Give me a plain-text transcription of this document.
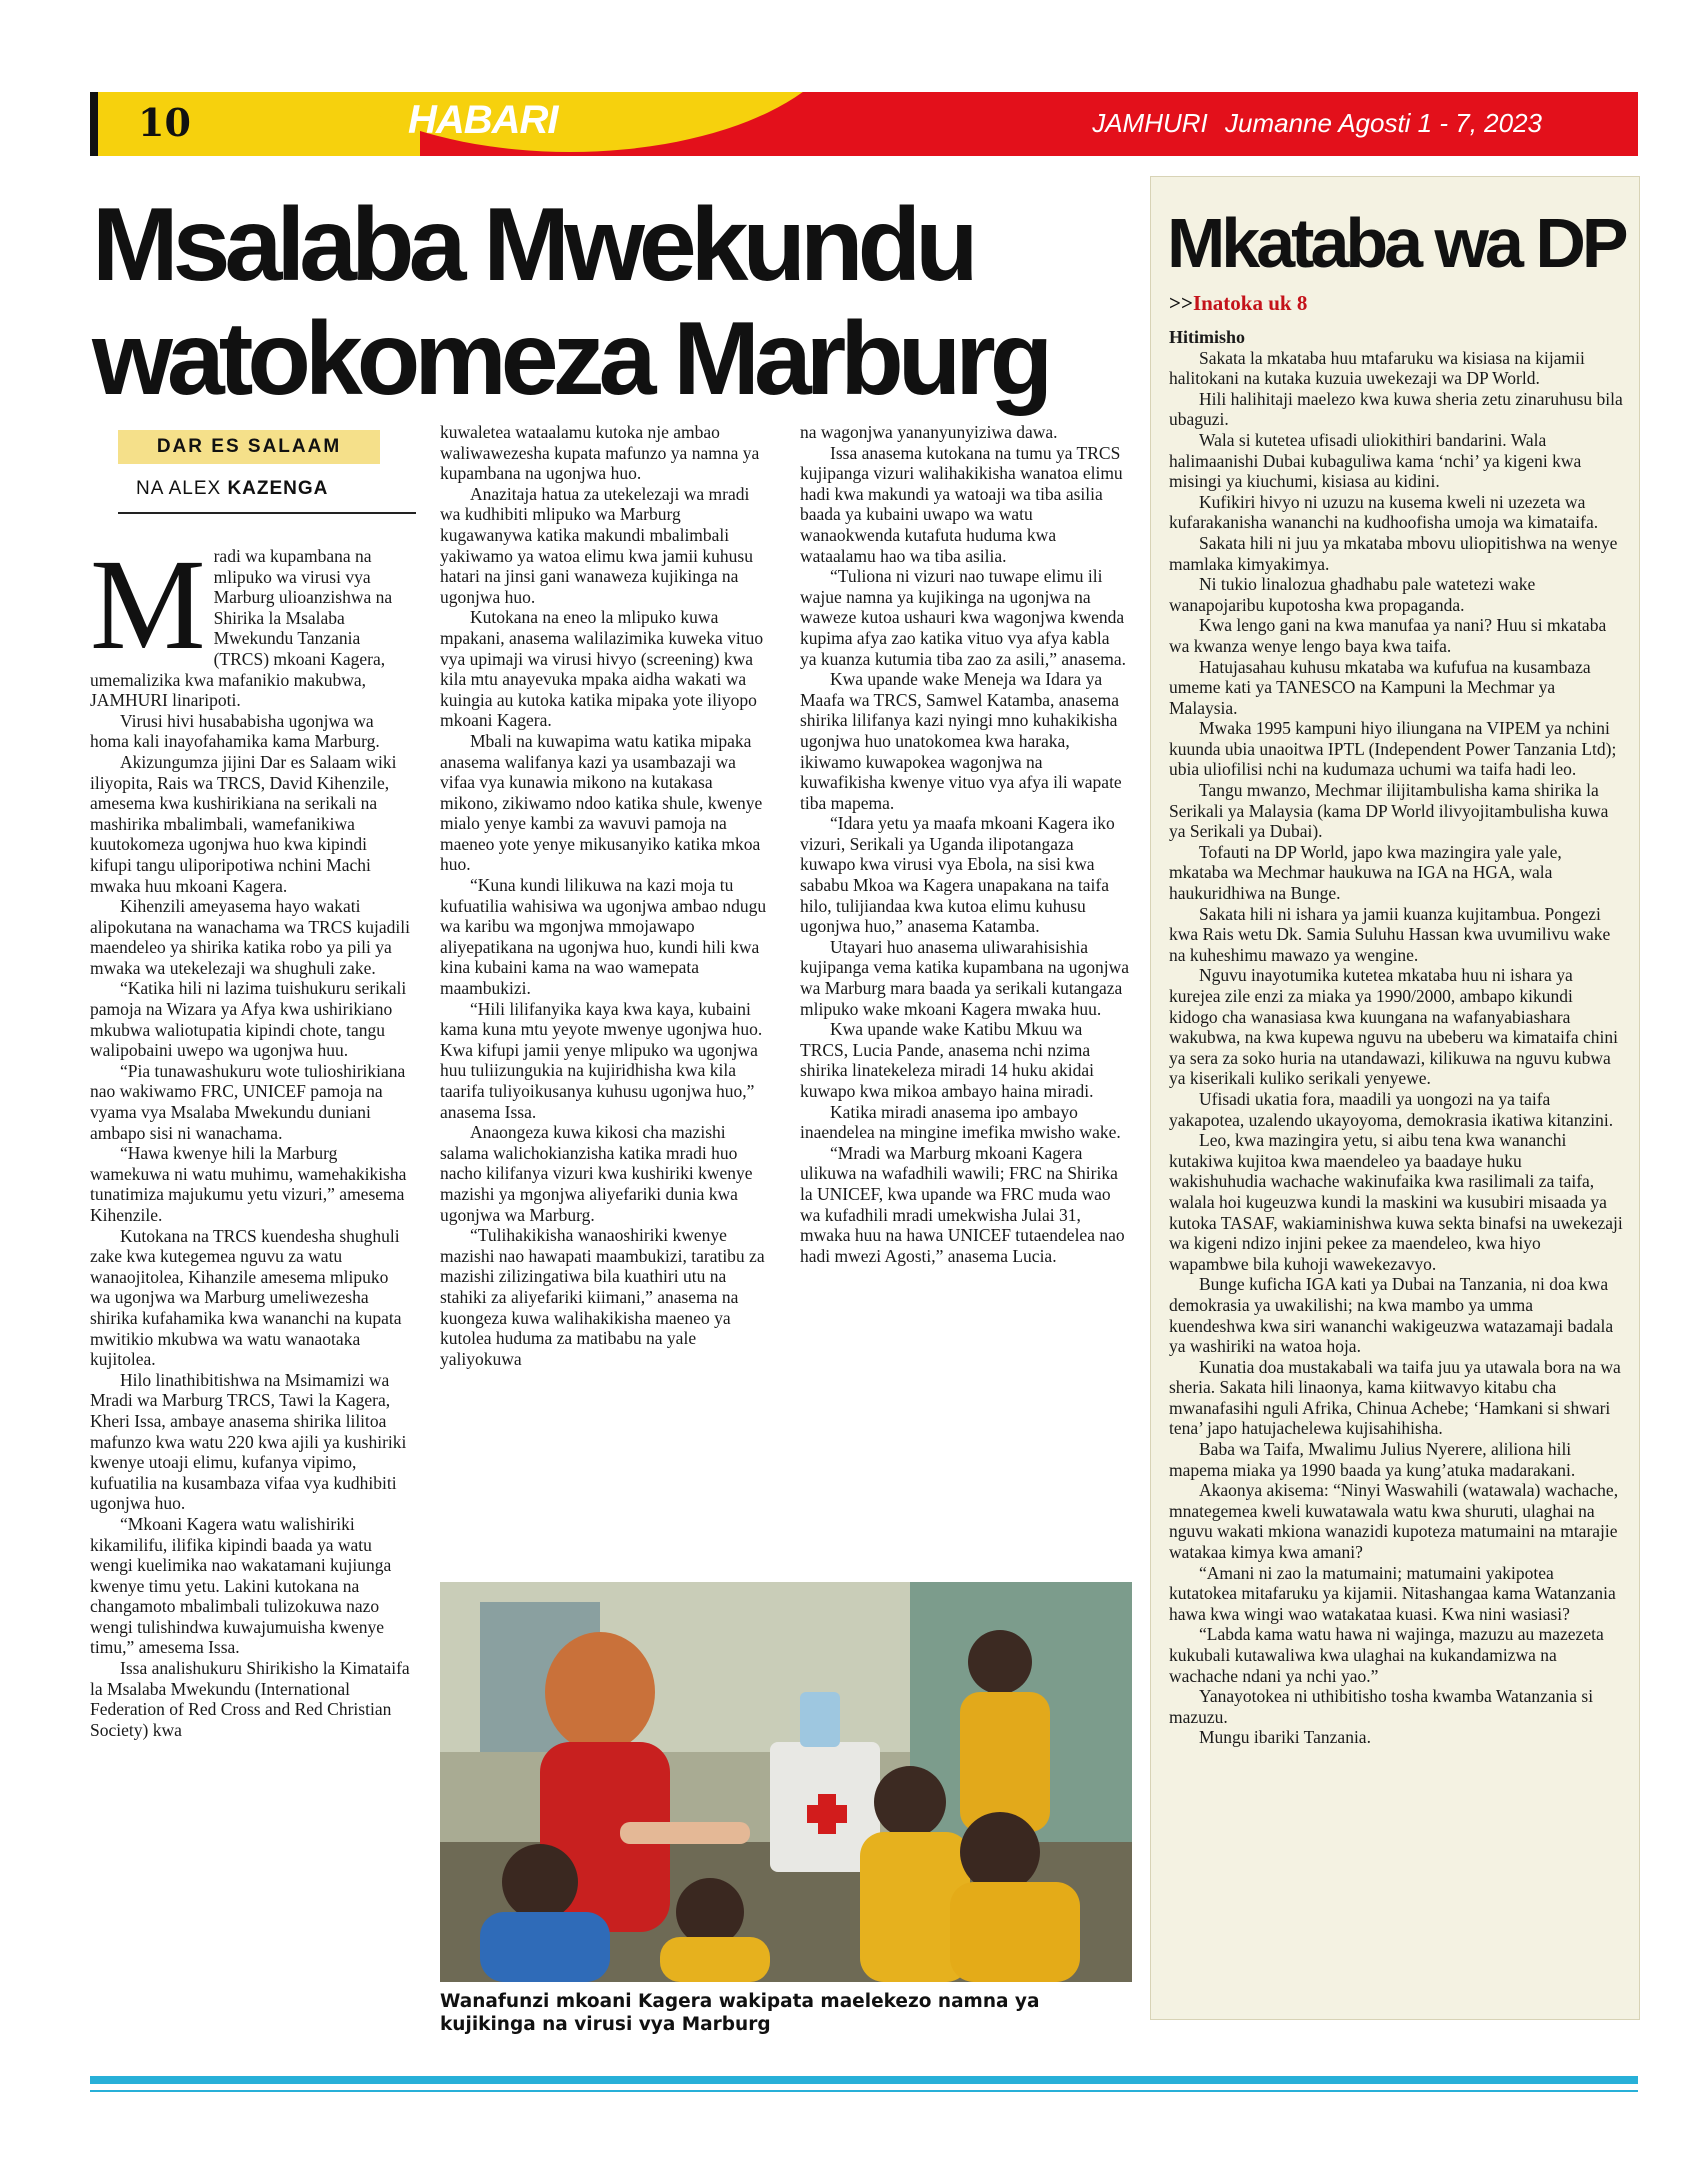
10	HABARI	JAMHURI Jumanne Agosti 1 - 7, 2023
Msalaba Mwekundu
watokomeza Marburg
DAR ES SALAAM
NA ALEX KAZENGA
M radi wa kupambana na mlipuko wa virusi vya Marburg ulioanzishwa na Shirika la Msalaba Mwekundu Tanzania (TRCS) mkoani Kagera, umemalizika kwa mafanikio makubwa, JAMHURI linaripoti.

Virusi hivi husababisha ugonjwa wa homa kali inayofahamika kama Marburg.

Akizungumza jijini Dar es Salaam wiki iliyopita, Rais wa TRCS, David Kihenzile, amesema kwa kushirikiana na serikali na mashirika mbalimbali, wamefanikiwa kuutokomeza ugonjwa huo kwa kipindi kifupi tangu uliporipotiwa nchini Machi mwaka huu mkoani Kagera.

Kihenzili ameyasema hayo wakati alipokutana na wanachama wa TRCS kujadili maendeleo ya shirika katika robo ya pili ya mwaka wa utekelezaji wa shughuli zake.

“Katika hili ni lazima tuishukuru serikali pamoja na Wizara ya Afya kwa ushirikiano mkubwa waliotupatia kipindi chote, tangu walipobaini uwepo wa ugonjwa huu.

“Pia tunawashukuru wote tulioshirikiana nao wakiwamo FRC, UNICEF pamoja na vyama vya Msalaba Mwekundu duniani ambapo sisi ni wanachama.

“Hawa kwenye hili la Marburg wamekuwa ni watu muhimu, wamehakikisha tunatimiza majukumu yetu vizuri,” amesema Kihenzile.

Kutokana na TRCS kuendesha shughuli zake kwa kutegemea nguvu za watu wanaojitolea, Kihanzile amesema mlipuko wa ugonjwa wa Marburg umeliwezesha shirika kufahamika kwa wananchi na kupata mwitikio mkubwa wa watu wanaotaka kujitolea.

Hilo linathibitishwa na Msimamizi wa Mradi wa Marburg TRCS, Tawi la Kagera, Kheri Issa, ambaye anasema shirika lilitoa mafunzo kwa watu 220 kwa ajili ya kushiriki kwenye utoaji elimu, kufanya vipimo, kufuatilia na kusambaza vifaa vya kudhibiti ugonjwa huo.

“Mkoani Kagera watu walishiriki kikamilifu, ilifika kipindi baada ya watu wengi kuelimika nao wakatamani kujiunga kwenye timu yetu. Lakini kutokana na changamoto mbalimbali tulizokuwa nazo wengi tulishindwa kuwajumuisha kwenye timu,” amesema Issa.

Issa analishukuru Shirikisho la Kimataifa la Msalaba Mwekundu (International Federation of Red Cross and Red Christian Society) kwa

kuwaletea wataalamu kutoka nje ambao waliwawezesha kupata mafunzo ya namna ya kupambana na ugonjwa huo.

Anazitaja hatua za utekelezaji wa mradi wa kudhibiti mlipuko wa Marburg kugawanywa katika makundi mbalimbali yakiwamo ya watoa elimu kwa jamii kuhusu hatari na jinsi gani wanaweza kujikinga na ugonjwa huo.

Kutokana na eneo la mlipuko kuwa mpakani, anasema walilazimika kuweka vituo vya upimaji wa virusi hivyo (screening) kwa kila mtu anayevuka mpaka aidha wakati wa kuingia au kutoka katika mipaka yote iliyopo mkoani Kagera.

Mbali na kuwapima watu katika mipaka anasema walifanya kazi ya usambazaji wa vifaa vya kunawia mikono na kutakasa mikono, zikiwamo ndoo katika shule, kwenye mialo yenye kambi za wavuvi pamoja na maeneo yote yenye mikusanyiko katika mkoa huo.

“Kuna kundi lilikuwa na kazi moja tu kufuatilia wahisiwa wa ugonjwa ambao ndugu wa karibu wa mgonjwa mmojawapo aliyepatikana na ugonjwa huo, kundi hili kwa kina kubaini kama na wao wamepata maambukizi.

“Hili lilifanyika kaya kwa kaya, kubaini kama kuna mtu yeyote mwenye ugonjwa huo. Kwa kifupi jamii yenye mlipuko wa ugonjwa huu tuliizungukia na kujiridhisha kwa kila taarifa tuliyoikusanya kuhusu ugonjwa huo,” anasema Issa.

Anaongeza kuwa kikosi cha mazishi salama walichokianzisha katika mradi huo nacho kilifanya vizuri kwa kushiriki kwenye mazishi ya mgonjwa aliyefariki dunia kwa ugonjwa wa Marburg.

“Tulihakikisha wanaoshiriki kwenye mazishi nao hawapati maambukizi, taratibu za mazishi zilizingatiwa bila kuathiri utu na stahiki za aliyefariki kiimani,” anasema na kuongeza kuwa walihakikisha maeneo ya kutolea huduma za matibabu na yale yaliyokuwa

na wagonjwa yananyunyiziwa dawa.

Issa anasema kutokana na tumu ya TRCS kujipanga vizuri walihakikisha wanatoa elimu hadi kwa makundi ya watoaji wa tiba asilia baada ya kubaini uwapo wa watu wanaokwenda kutafuta huduma kwa wataalamu hao wa tiba asilia.

“Tuliona ni vizuri nao tuwape elimu ili wajue namna ya kujikinga na ugonjwa na waweze kutoa ushauri kwa wagonjwa kwenda kupima afya zao katika vituo vya afya kabla ya kuanza kutumia tiba zao za asili,” anasema.

Kwa upande wake Meneja wa Idara ya Maafa wa TRCS, Samwel Katamba, anasema shirika lilifanya kazi nyingi mno kuhakikisha ugonjwa huo unatokomea kwa haraka, ikiwamo kuwapokea wagonjwa na kuwafikisha kwenye vituo vya afya ili wapate tiba mapema.

“Idara yetu ya maafa mkoani Kagera iko vizuri, Serikali ya Uganda ilipotangaza kuwapo kwa virusi vya Ebola, na sisi kwa sababu Mkoa wa Kagera unapakana na taifa hilo, tulijiandaa kwa kutoa elimu kuhusu ugonjwa huo,” anasema Katamba.

Utayari huo anasema uliwarahisishia kujipanga vema katika kupambana na ugonjwa wa Marburg mara baada ya serikali kutangaza mlipuko wake mkoani Kagera mwaka huu.

Kwa upande wake Katibu Mkuu wa TRCS, Lucia Pande, anasema nchi nzima shirika linatekeleza miradi 14 huku akidai kuwapo kwa mikoa ambayo haina miradi.

Katika miradi anasema ipo ambayo inaendelea na mingine imefika mwisho wake.

“Mradi wa Marburg mkoani Kagera ulikuwa na wafadhili wawili; FRC na Shirika la UNICEF, kwa upande wa FRC muda wao wa kufadhili mradi umekwisha Julai 31, mwaka huu na hawa UNICEF tutaendelea nao hadi mwezi Agosti,” anasema Lucia.

Wanafunzi mkoani Kagera wakipata maelekezo namna ya kujikinga na virusi vya Marburg
Mkataba wa DP
>>Inatoka uk 8
Hitimisho

Sakata la mkataba huu mtafaruku wa kisiasa na kijamii halitokani na kutaka kuzuia uwekezaji wa DP World.

Hili halihitaji maelezo kwa kuwa sheria zetu zinaruhusu bila ubaguzi.

Wala si kutetea ufisadi uliokithiri bandarini. Wala halimaanishi Dubai kubaguliwa kama ‘nchi’ ya kigeni kwa misingi ya kiuchumi, kisiasa au kidini.

Kufikiri hivyo ni uzuzu na kusema kweli ni uzezeta wa kufarakanisha wananchi na kudhoofisha umoja wa kimataifa.

Sakata hili ni juu ya mkataba mbovu uliopitishwa na wenye mamlaka kimyakimya.

Ni tukio linalozua ghadhabu pale watetezi wake wanapojaribu kupotosha kwa propaganda.

Kwa lengo gani na kwa manufaa ya nani? Huu si mkataba wa kwanza wenye lengo baya kwa taifa.

Hatujasahau kuhusu mkataba wa kufufua na kusambaza umeme kati ya TANESCO na Kampuni la Mechmar ya Malaysia.

Mwaka 1995 kampuni hiyo iliungana na VIPEM ya nchini kuunda ubia unaoitwa IPTL (Independent Power Tanzania Ltd); ubia uliofilisi nchi na kudumaza uchumi wa taifa hadi leo.

Tangu mwanzo, Mechmar ilijitambulisha kama shirika la Serikali ya Malaysia (kama DP World ilivyojitambulisha kuwa ya Serikali ya Dubai).

Tofauti na DP World, japo kwa mazingira yale yale, mkataba wa Mechmar haukuwa na IGA na HGA, wala haukuridhiwa na Bunge.

Sakata hili ni ishara ya jamii kuanza kujitambua. Pongezi kwa Rais wetu Dk. Samia Suluhu Hassan kwa uvumilivu wake na kuheshimu mawazo ya wengine.

Nguvu inayotumika kutetea mkataba huu ni ishara ya kurejea zile enzi za miaka ya 1990/2000, ambapo kikundi kidogo cha wanasiasa kwa kuungana na wafanyabiashara wakubwa, na kwa kupewa nguvu na ubeberu wa kimataifa chini ya sera za soko huria na utandawazi, kilikuwa na nguvu kubwa ya kiserikali kuliko serikali yenyewe.

Ufisadi ukatia fora, maadili ya uongozi na ya taifa yakapotea, uzalendo ukayoyoma, demokrasia ikatiwa kitanzini.

Leo, kwa mazingira yetu, si aibu tena kwa wananchi kutakiwa kujitoa kwa maendeleo ya baadaye huku wakishuhudia wachache wakinufaika kwa rasilimali za taifa, walala hoi kugeuzwa kundi la maskini wa kusubiri misaada ya kutoka TASAF, wakiaminishwa kuwa sekta binafsi na uwekezaji wa kigeni ndizo injini pekee za maendeleo, kwa hiyo wapambwe bila kuhoji wawekezavyo.

Bunge kuficha IGA kati ya Dubai na Tanzania, ni doa kwa demokrasia ya uwakilishi; na kwa mambo ya umma kuendeshwa kwa siri wananchi wakigeuzwa watazamaji badala ya washiriki na watoa hoja.

Kunatia doa mustakabali wa taifa juu ya utawala bora na wa sheria. Sakata hili linaonya, kama kiitwavyo kitabu cha mwanafasihi nguli Afrika, Chinua Achebe; ‘Hamkani si shwari tena’ japo hatujachelewa kujisahihisha.

Baba wa Taifa, Mwalimu Julius Nyerere, aliliona hili mapema miaka ya 1990 baada ya kung’atuka madarakani.

Akaonya akisema: “Ninyi Waswahili (watawala) wachache, mnategemea kweli kuwatawala watu kwa shuruti, ulaghai na nguvu wakati mkiona wanazidi kupoteza matumaini na mtarajie watakaa kimya kwa amani?

“Amani ni zao la matumaini; matumaini yakipotea kutatokea mitafaruku ya kijamii. Nitashangaa kama Watanzania hawa kwa wingi wao watakataa kuasi. Kwa nini wasiasi?

“Labda kama watu hawa ni wajinga, mazuzu au mazezeta kukubali kutawaliwa kwa ulaghai na kukandamizwa na wachache ndani ya nchi yao.”

Yanayotokea ni uthibitisho tosha kwamba Watanzania si mazuzu.

Mungu ibariki Tanzania.
